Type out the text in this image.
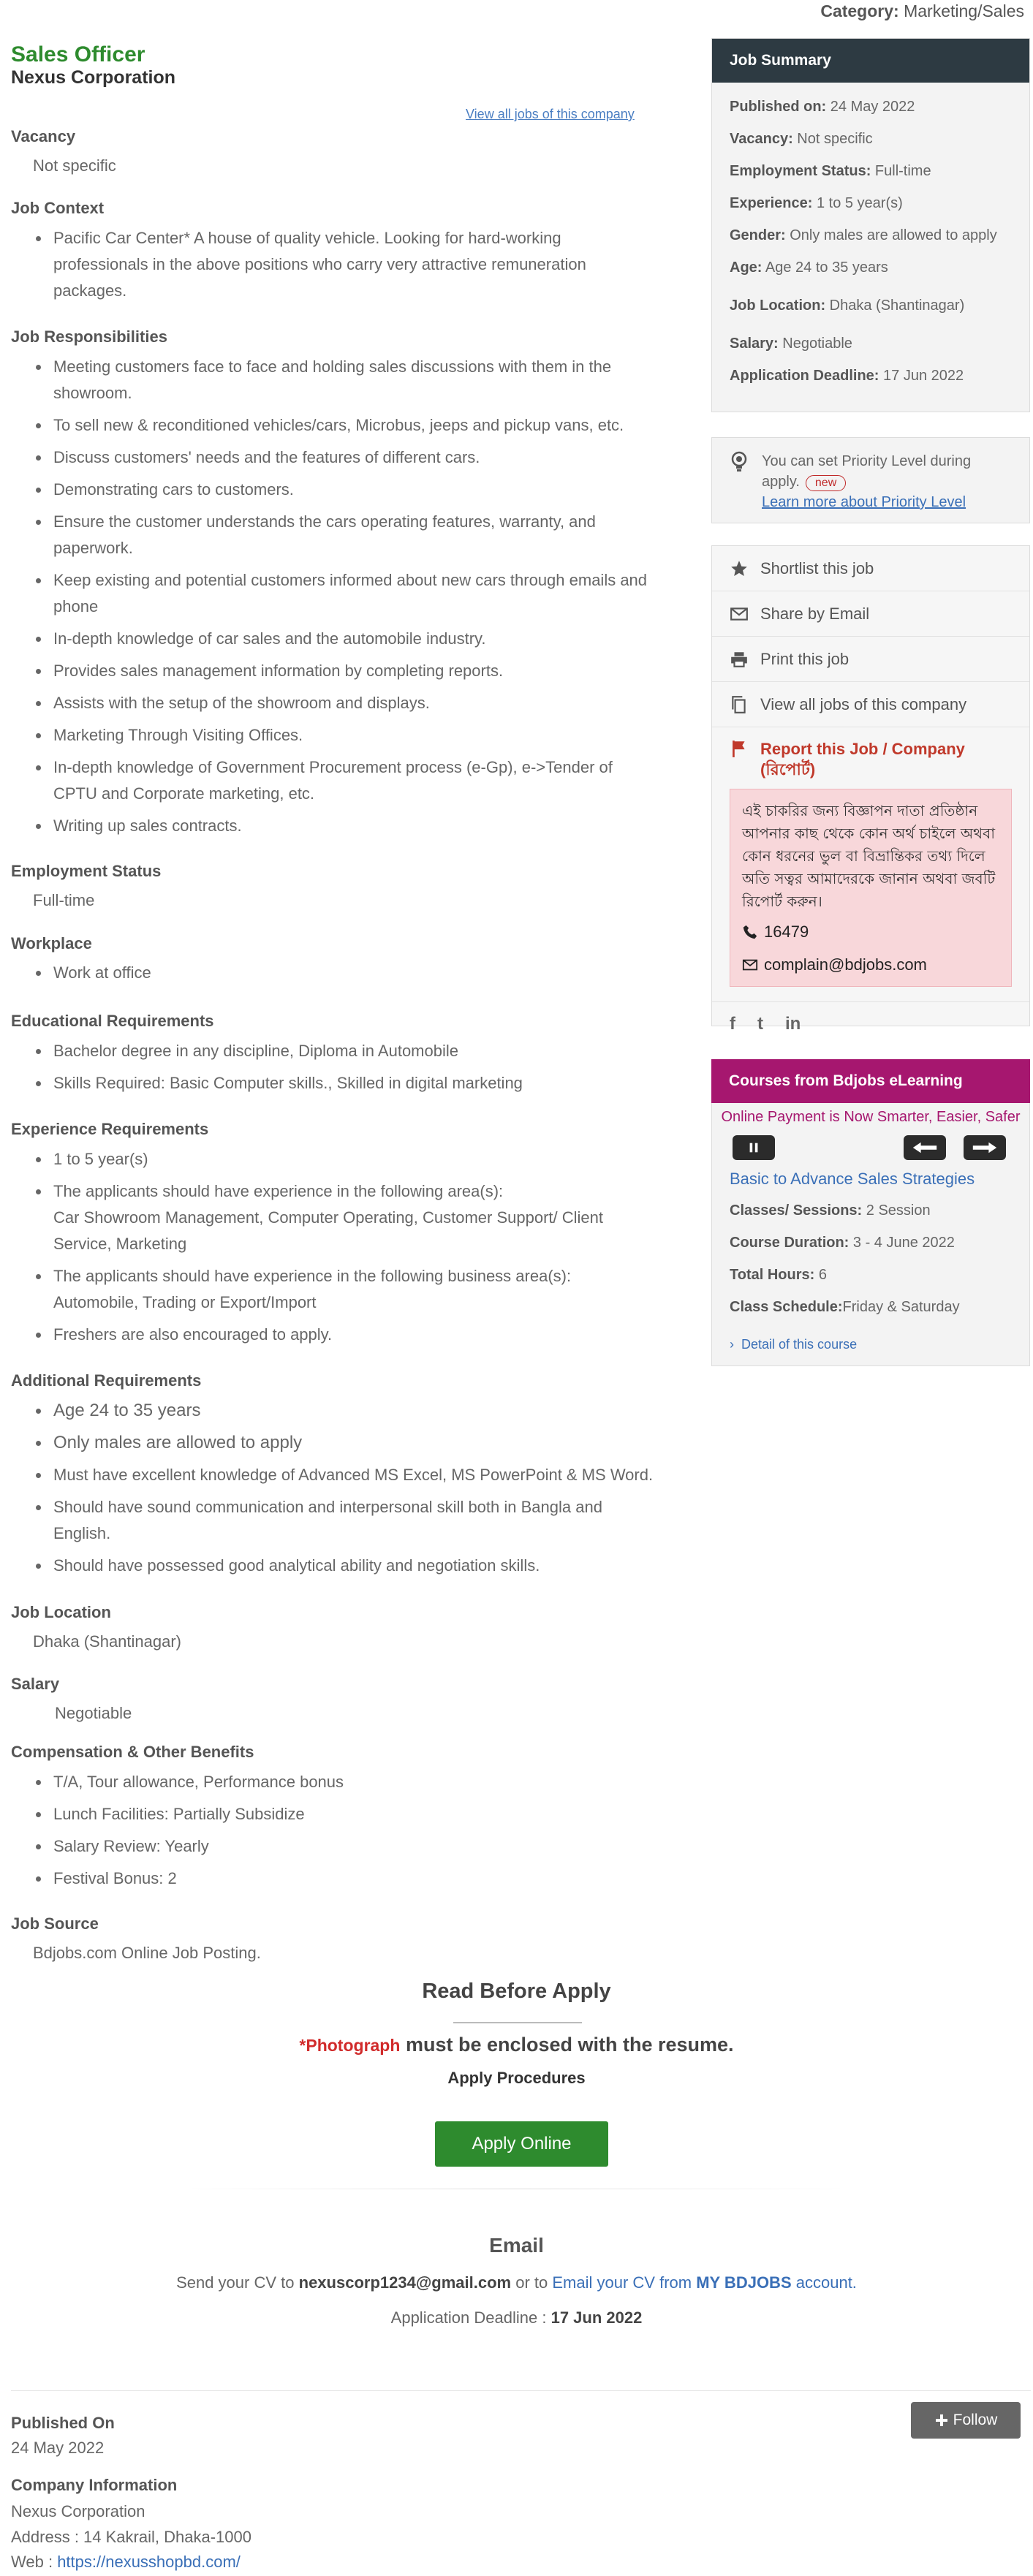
Category: Marketing/Sales
Sales Officer
Nexus Corporation
View all jobs of this company
Vacancy
Not specific
Job Context
Pacific Car Center* A house of quality vehicle. Looking for hard-working professionals in the above positions who carry very attractive remuneration packages.
Job Responsibilities
Meeting customers face to face and holding sales discussions with them in the showroom.
To sell new & reconditioned vehicles/cars, Microbus, jeeps and pickup vans, etc.
Discuss customers' needs and the features of different cars.
Demonstrating cars to customers.
Ensure the customer understands the cars operating features, warranty, and paperwork.
Keep existing and potential customers informed about new cars through emails and phone
In-depth knowledge of car sales and the automobile industry.
Provides sales management information by completing reports.
Assists with the setup of the showroom and displays.
Marketing Through Visiting Offices.
In-depth knowledge of Government Procurement process (e-Gp), e->Tender of CPTU and Corporate marketing, etc.
Writing up sales contracts.
Employment Status
Full-time
Workplace
Work at office
Educational Requirements
Bachelor degree in any discipline, Diploma in Automobile
Skills Required: Basic Computer skills., Skilled in digital marketing
Experience Requirements
1 to 5 year(s)
The applicants should have experience in the following area(s):
Car Showroom Management, Computer Operating, Customer Support/ Client Service, Marketing
The applicants should have experience in the following business area(s):
Automobile, Trading or Export/Import
Freshers are also encouraged to apply.
Additional Requirements
Age 24 to 35 years
Only males are allowed to apply
Must have excellent knowledge of Advanced MS Excel, MS PowerPoint & MS Word.
Should have sound communication and interpersonal skill both in Bangla and English.
Should have possessed good analytical ability and negotiation skills.
Job Location
Dhaka (Shantinagar)
Salary
Negotiable
Compensation & Other Benefits
T/A, Tour allowance, Performance bonus
Lunch Facilities: Partially Subsidize
Salary Review: Yearly
Festival Bonus: 2
Job Source
Bdjobs.com Online Job Posting.
Job Summary
Published on: 24 May 2022
Vacancy: Not specific
Employment Status: Full-time
Experience: 1 to 5 year(s)
Gender: Only males are allowed to apply
Age: Age 24 to 35 years
Job Location: Dhaka (Shantinagar)
Salary: Negotiable
Application Deadline: 17 Jun 2022
You can set Priority Level during apply. new
Learn more about Priority Level
Shortlist this job
Share by Email
Print this job
View all jobs of this company
Report this Job / Company (রিপোর্ট)
এই চাকরির জন্য বিজ্ঞাপন দাতা প্রতিষ্ঠান আপনার কাছ থেকে কোন অর্থ চাইলে অথবা কোন ধরনের ভুল বা বিভ্রান্তিকর তথ্য দিলে অতি সত্বর আমাদেরকে জানান অথবা জবটি রিপোর্ট করুন।
16479
complain@bdjobs.com
f t in
Courses from Bdjobs eLearning
Online Payment is Now Smarter, Easier, Safer
Basic to Advance Sales Strategies
Classes/ Sessions: 2 Session
Course Duration: 3 - 4 June 2022
Total Hours: 6
Class Schedule:Friday & Saturday
› Detail of this course
Read Before Apply
*Photograph must be enclosed with the resume.
Apply Procedures
Apply Online
Email
Send your CV to nexuscorp1234@gmail.com or to Email your CV from MY BDJOBS account.
Application Deadline : 17 Jun 2022
Published On
24 May 2022
Follow
Company Information
Nexus Corporation
Address : 14 Kakrail, Dhaka-1000
Web : https://nexusshopbd.com/
